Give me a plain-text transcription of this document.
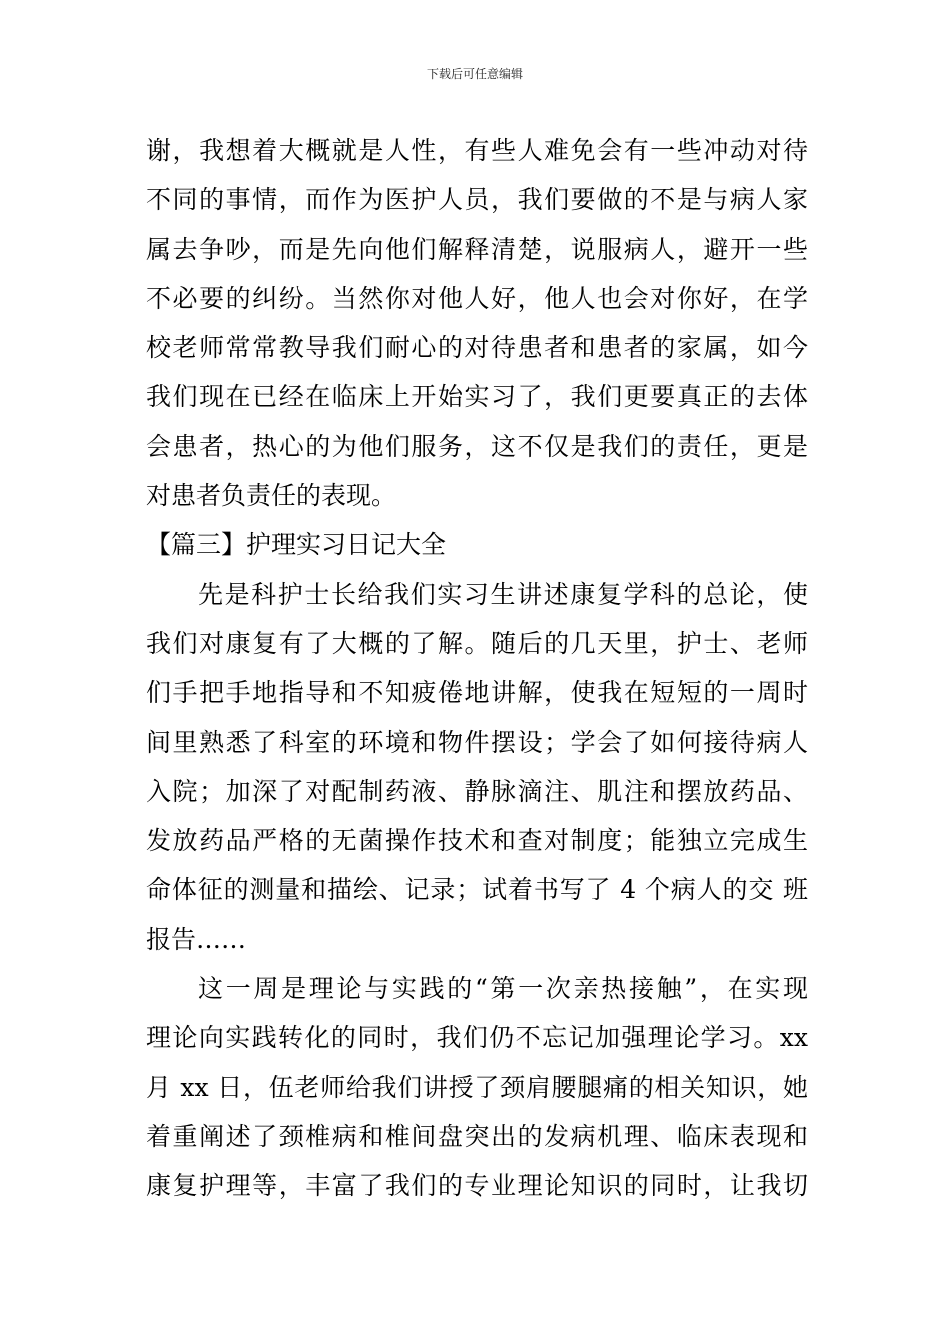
下载后可任意编辑
谢，我想着大概就是人性，有些人难免会有一些冲动对待
不同的事情，而作为医护人员，我们要做的不是与病人家
属去争吵，而是先向他们解释清楚，说服病人，避开一些
不必要的纠纷。当然你对他人好，他人也会对你好，在学
校老师常常教导我们耐心的对待患者和患者的家属，如今
我们现在已经在临床上开始实习了，我们更要真正的去体
会患者，热心的为他们服务，这不仅是我们的责任，更是
对患者负责任的表现。
【篇三】护理实习日记大全
先是科护士长给我们实习生讲述康复学科的总论，使
我们对康复有了大概的了解。随后的几天里，护士、老师
们手把手地指导和不知疲倦地讲解，使我在短短的一周时
间里熟悉了科室的环境和物件摆设；学会了如何接待病人
入院；加深了对配制药液、静脉滴注、肌注和摆放药品、
发放药品严格的无菌操作技术和查对制度；能独立完成生
命体征的测量和描绘、记录；试着书写了 4 个病人的交 班
报告……
这一周是理论与实践的“第一次亲热接触”，在实现
理论向实践转化的同时，我们仍不忘记加强理论学习。xx
月 xx 日，伍老师给我们讲授了颈肩腰腿痛的相关知识，她
着重阐述了颈椎病和椎间盘突出的发病机理、临床表现和
康复护理等，丰富了我们的专业理论知识的同时，让我切
